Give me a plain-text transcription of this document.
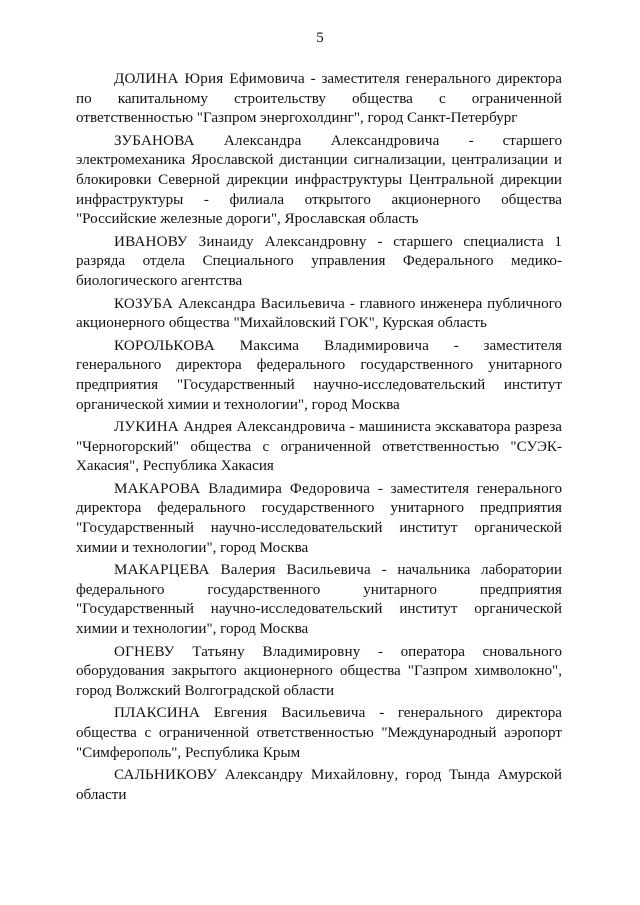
5

ДОЛИНА Юрия Ефимовича - заместителя генерального директора по капитальному строительству общества с ограниченной ответственностью "Газпром энергохолдинг", город Санкт-Петербург

ЗУБАНОВА Александра Александровича - старшего электромеханика Ярославской дистанции сигнализации, централизации и блокировки Северной дирекции инфраструктуры Центральной дирекции инфраструктуры - филиала открытого акционерного общества "Российские железные дороги", Ярославская область

ИВАНОВУ Зинаиду Александровну - старшего специалиста 1 разряда отдела Специального управления Федерального медико-биологического агентства

КОЗУБА Александра Васильевича - главного инженера публичного акционерного общества "Михайловский ГОК", Курская область

КОРОЛЬКОВА Максима Владимировича - заместителя генерального директора федерального государственного унитарного предприятия "Государственный научно-исследовательский институт органической химии и технологии", город Москва

ЛУКИНА Андрея Александровича - машиниста экскаватора разреза "Черногорский" общества с ограниченной ответственностью "СУЭК-Хакасия", Республика Хакасия

МАКАРОВА Владимира Федоровича - заместителя генерального директора федерального государственного унитарного предприятия "Государственный научно-исследовательский институт органической химии и технологии", город Москва

МАКАРЦЕВА Валерия Васильевича - начальника лаборатории федерального государственного унитарного предприятия "Государственный научно-исследовательский институт органической химии и технологии", город Москва

ОГНЕВУ Татьяну Владимировну - оператора сновального оборудования закрытого акционерного общества "Газпром химволокно", город Волжский Волгоградской области

ПЛАКСИНА Евгения Васильевича - генерального директора общества с ограниченной ответственностью "Международный аэропорт "Симферополь", Республика Крым

САЛЬНИКОВУ Александру Михайловну, город Тында Амурской области
